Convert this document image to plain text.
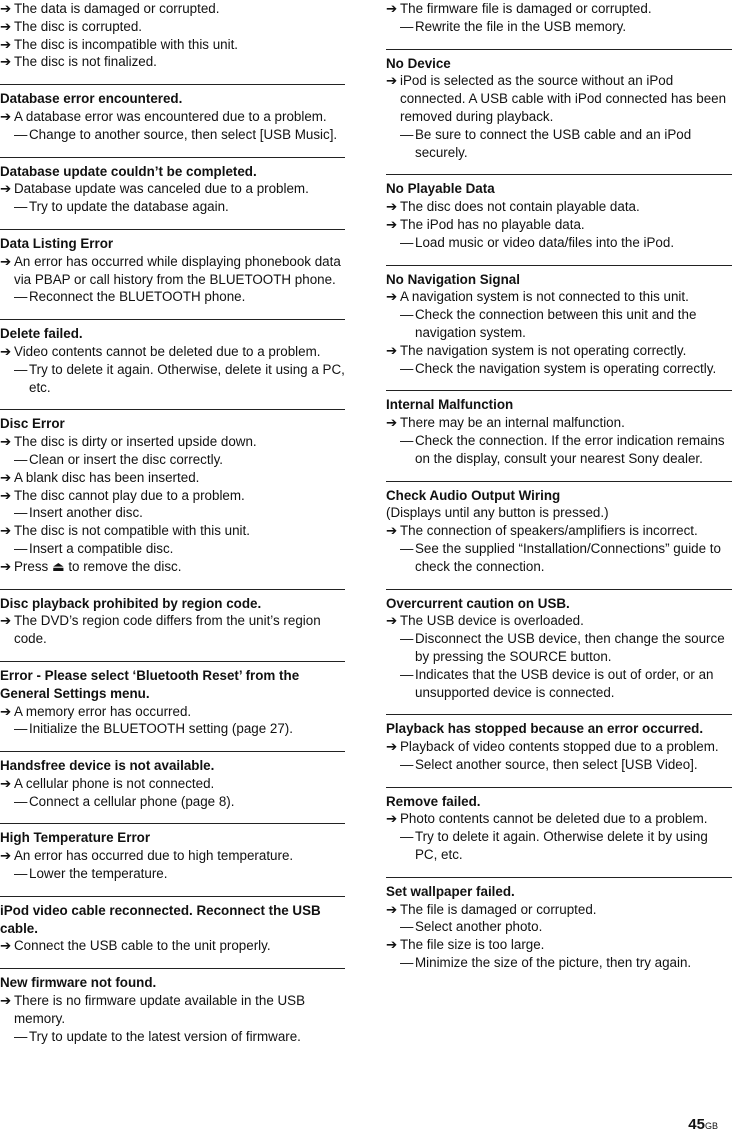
➔ The data is damaged or corrupted.
➔ The disc is corrupted.
➔ The disc is incompatible with this unit.
➔ The disc is not finalized.
Database error encountered.
➔ A database error was encountered due to a problem.
— Change to another source, then select [USB Music].
Database update couldn’t be completed.
➔ Database update was canceled due to a problem.
— Try to update the database again.
Data Listing Error
➔ An error has occurred while displaying phonebook data via PBAP or call history from the BLUETOOTH phone.
— Reconnect the BLUETOOTH phone.
Delete failed.
➔ Video contents cannot be deleted due to a problem.
— Try to delete it again. Otherwise, delete it using a PC, etc.
Disc Error
➔ The disc is dirty or inserted upside down.
— Clean or insert the disc correctly.
➔ A blank disc has been inserted.
➔ The disc cannot play due to a problem.
— Insert another disc.
➔ The disc is not compatible with this unit.
— Insert a compatible disc.
➔ Press ⏏ to remove the disc.
Disc playback prohibited by region code.
➔ The DVD’s region code differs from the unit’s region code.
Error - Please select ‘Bluetooth Reset’ from the General Settings menu.
➔ A memory error has occurred.
— Initialize the BLUETOOTH setting (page 27).
Handsfree device is not available.
➔ A cellular phone is not connected.
— Connect a cellular phone (page 8).
High Temperature Error
➔ An error has occurred due to high temperature.
— Lower the temperature.
iPod video cable reconnected. Reconnect the USB cable.
➔ Connect the USB cable to the unit properly.
New firmware not found.
➔ There is no firmware update available in the USB memory.
— Try to update to the latest version of firmware.
➔ The firmware file is damaged or corrupted.
— Rewrite the file in the USB memory.
No Device
➔ iPod is selected as the source without an iPod connected. A USB cable with iPod connected has been removed during playback.
— Be sure to connect the USB cable and an iPod securely.
No Playable Data
➔ The disc does not contain playable data.
➔ The iPod has no playable data.
— Load music or video data/files into the iPod.
No Navigation Signal
➔ A navigation system is not connected to this unit.
— Check the connection between this unit and the navigation system.
➔ The navigation system is not operating correctly.
— Check the navigation system is operating correctly.
Internal Malfunction
➔ There may be an internal malfunction.
— Check the connection. If the error indication remains on the display, consult your nearest Sony dealer.
Check Audio Output Wiring
(Displays until any button is pressed.)
➔ The connection of speakers/amplifiers is incorrect.
— See the supplied “Installation/Connections” guide to check the connection.
Overcurrent caution on USB.
➔ The USB device is overloaded.
— Disconnect the USB device, then change the source by pressing the SOURCE button.
— Indicates that the USB device is out of order, or an unsupported device is connected.
Playback has stopped because an error occurred.
➔ Playback of video contents stopped due to a problem.
— Select another source, then select [USB Video].
Remove failed.
➔ Photo contents cannot be deleted due to a problem.
— Try to delete it again. Otherwise delete it by using PC, etc.
Set wallpaper failed.
➔ The file is damaged or corrupted.
— Select another photo.
➔ The file size is too large.
— Minimize the size of the picture, then try again.
45GB
